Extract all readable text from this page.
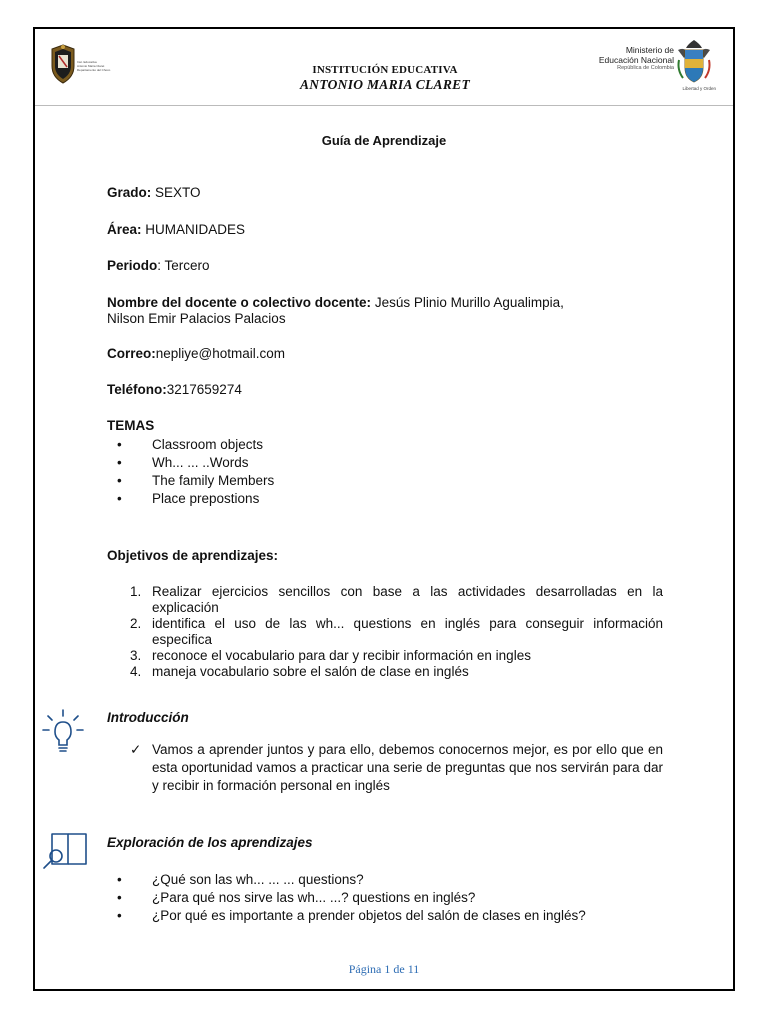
Inst. Educativa
Antonio Maria Claret
Departamento del Choco	INSTITUCIÓN EDUCATIVA
ANTONIO MARIA CLARET
Ministerio de
Educación Nacional
República de Colombia
Libertad y Orden
Guía de Aprendizaje
Grado: SEXTO
Área: HUMANIDADES
Periodo: Tercero
Nombre del docente o colectivo docente: Jesús Plinio Murillo Agualimpia,
Nilson Emir Palacios Palacios
Correo:nepliye@hotmail.com
Teléfono:3217659274
TEMAS
• Classroom objects
• Wh... ... ..Words
• The family Members
• Place prepostions
Objetivos de aprendizajes:
1. Realizar ejercicios sencillos con base a las actividades desarrolladas en la explicación
2. identifica el uso de las wh... questions en inglés para conseguir información especifica
3. reconoce el vocabulario para dar y recibir información en ingles
4. maneja vocabulario sobre el salón de clase en inglés
Introducción
✓ Vamos a aprender juntos y para ello, debemos conocernos mejor, es por ello que en esta oportunidad vamos a practicar una serie de preguntas que nos servirán para dar y recibir in formación personal en inglés
Exploración de los aprendizajes
• ¿Qué son las wh... ... ... questions?
• ¿Para qué nos sirve las wh... ...? questions en inglés?
• ¿Por qué es importante a prender objetos del salón de clases en inglés?
Página 1 de 11
